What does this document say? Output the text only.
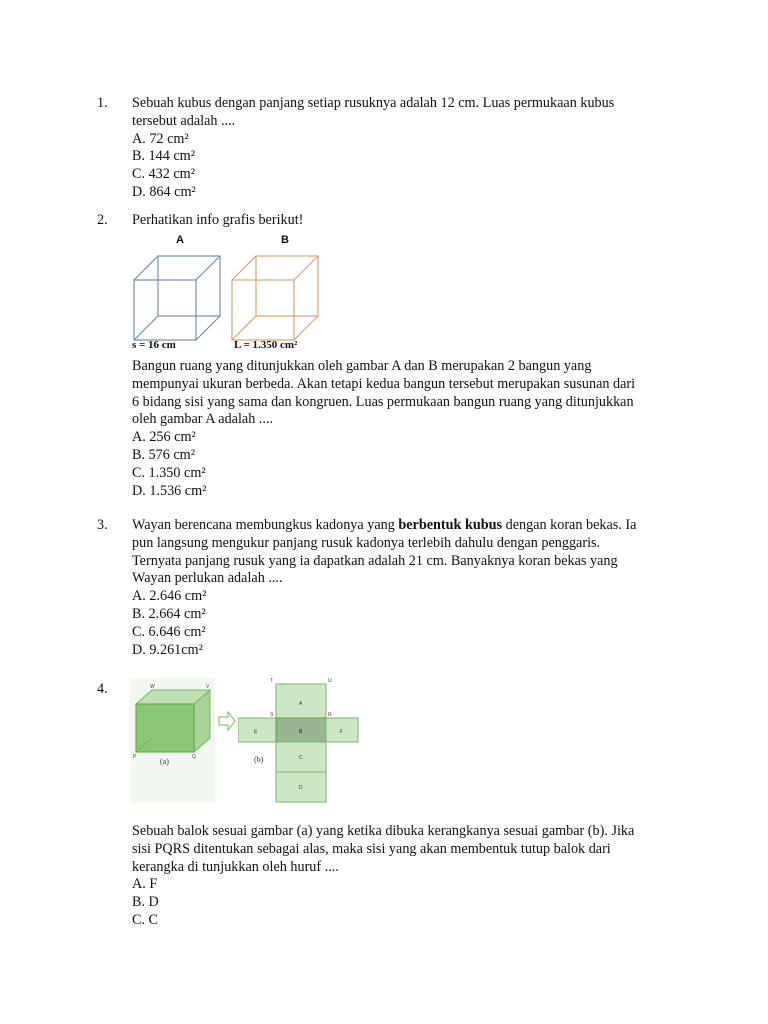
1. Sebuah kubus dengan panjang setiap rusuknya adalah 12 cm. Luas permukaan kubus
tersebut adalah ....
A. 72 cm²
B. 144 cm²
C. 432 cm²
D. 864 cm²
2. Perhatikan info grafis berikut!
A	B
s = 16 cm	L = 1.350 cm²
Bangun ruang yang ditunjukkan oleh gambar A dan B merupakan 2 bangun yang
mempunyai ukuran berbeda. Akan tetapi kedua bangun tersebut merupakan susunan dari
6 bidang sisi yang sama dan kongruen. Luas permukaan bangun ruang yang ditunjukkan
oleh gambar A adalah ....
A. 256 cm²
B. 576 cm²
C. 1.350 cm²
D. 1.536 cm²
3. Wayan berencana membungkus kadonya yang berbentuk kubus dengan koran bekas. Ia
pun langsung mengukur panjang rusuk kadonya terlebih dahulu dengan penggaris.
Ternyata panjang rusuk yang ia dapatkan adalah 21 cm. Banyaknya koran bekas yang
Wayan perlukan adalah ....
A. 2.646 cm²
B. 2.664 cm²
C. 6.646 cm²
D. 9.261cm²
4.
(a)
W	V
P	Q
A
E	B	F
C
D
(b)
S	R
T	U
Sebuah balok sesuai gambar (a) yang ketika dibuka kerangkanya sesuai gambar (b). Jika
sisi PQRS ditentukan sebagai alas, maka sisi yang akan membentuk tutup balok dari
kerangka di tunjukkan oleh huruf ....
A. F
B. D
C. C
